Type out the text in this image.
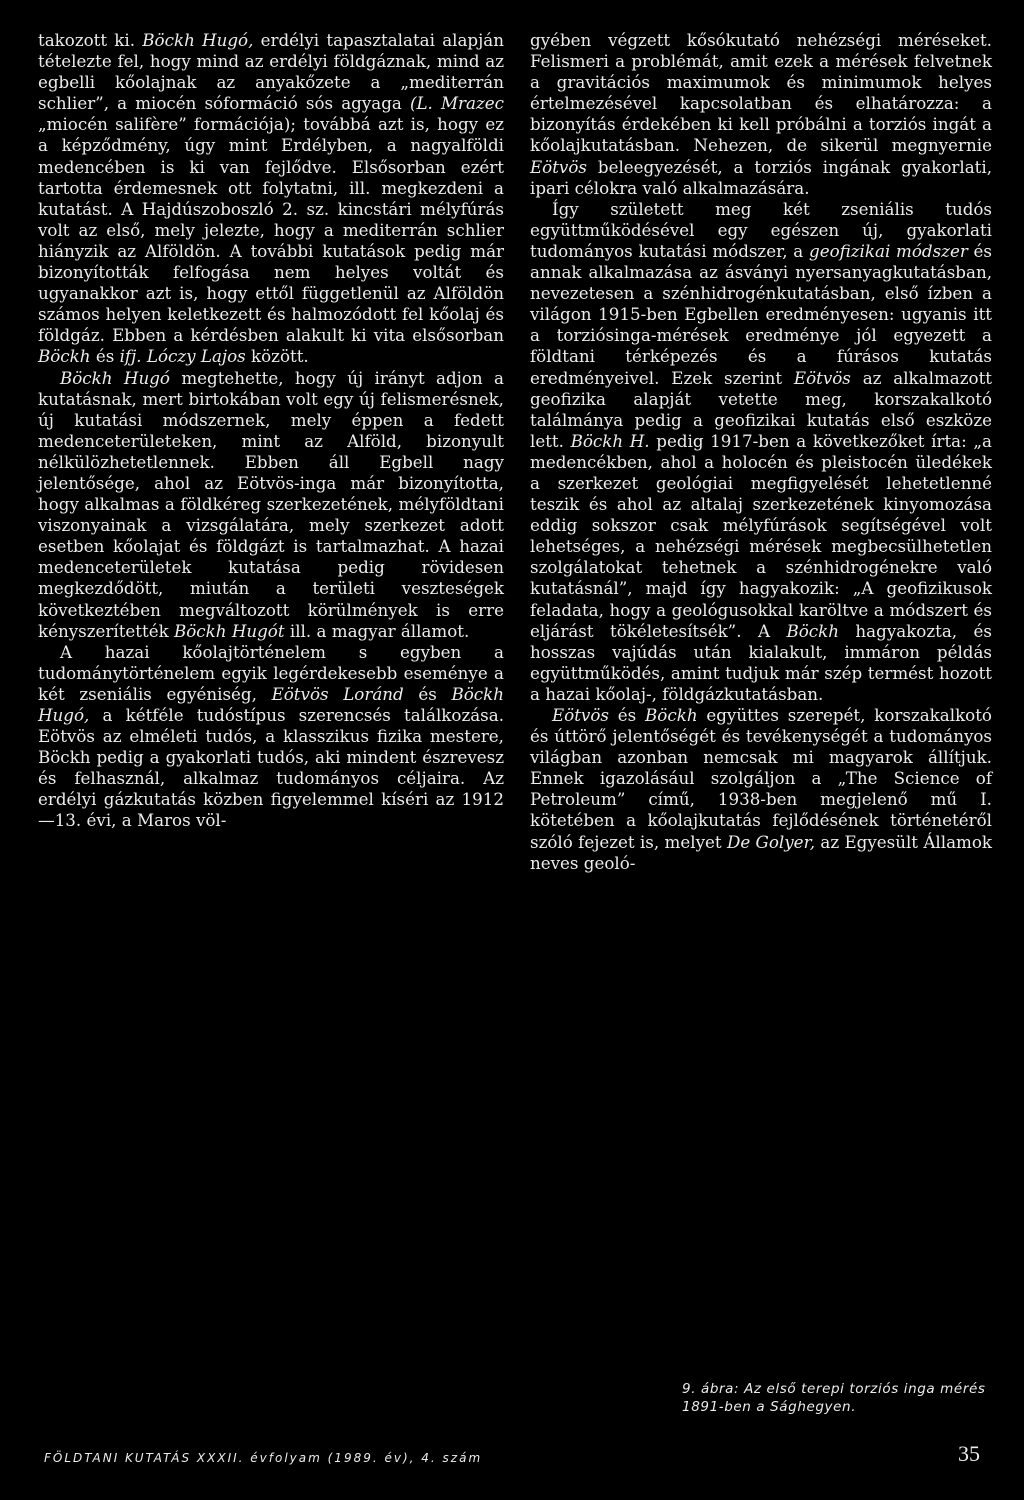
takozott ki. Böckh Hugó, erdélyi tapasztalatai alapján tételezte fel, hogy mind az erdélyi földgáznak, mind az egbelli kőolajnak az anyakőzete a „mediterrán schlier”, a miocén sóformáció sós agyaga (L. Mrazec „miocén salifère” formációja); továbbá azt is, hogy ez a képződmény, úgy mint Erdélyben, a nagyalföldi medencében is ki van fejlődve. Elsősorban ezért tartotta érdemesnek ott folytatni, ill. megkezdeni a kutatást. A Hajdúszoboszló 2. sz. kincstári mélyfúrás volt az első, mely jelezte, hogy a mediterrán schlier hiányzik az Alföldön. A további kutatások pedig már bizonyították felfogása nem helyes voltát és ugyanakkor azt is, hogy ettől függetlenül az Alföldön számos helyen keletkezett és halmozódott fel kőolaj és földgáz. Ebben a kérdésben alakult ki vita elsősorban Böckh és ifj. Lóczy Lajos között.

Böckh Hugó megtehette, hogy új irányt adjon a kutatásnak, mert birtokában volt egy új felismerésnek, új kutatási módszernek, mely éppen a fedett medenceterületeken, mint az Alföld, bizonyult nélkülözhetetlennek. Ebben áll Egbell nagy jelentősége, ahol az Eötvös-inga már bizonyította, hogy alkalmas a földkéreg szerkezetének, mélyföldtani viszonyainak a vizsgálatára, mely szerkezet adott esetben kőolajat és földgázt is tartalmazhat. A hazai medenceterületek kutatása pedig rövidesen megkezdődött, miután a területi veszteségek következtében megváltozott körülmények is erre kényszerítették Böckh Hugót ill. a magyar államot.

A hazai kőolajtörténelem s egyben a tudománytörténelem egyik legérdekesebb eseménye a két zseniális egyéniség, Eötvös Loránd és Böckh Hugó, a kétféle tudóstípus szerencsés találkozása. Eötvös az elméleti tudós, a klasszikus fizika mestere, Böckh pedig a gyakorlati tudós, aki mindent észrevesz és felhasznál, alkalmaz tudományos céljaira. Az erdélyi gázkutatás közben figyelemmel kíséri az 1912—13. évi, a Maros völ-

gyében végzett kősókutató nehézségi méréseket. Felismeri a problémát, amit ezek a mérések felvetnek a gravitációs maximumok és minimumok helyes értelmezésével kapcsolatban és elhatározza: a bizonyítás érdekében ki kell próbálni a torziós ingát a kőolajkutatásban. Nehezen, de sikerül megnyernie Eötvös beleegyezését, a torziós ingának gyakorlati, ipari célokra való alkalmazására.

Így született meg két zseniális tudós együttműködésével egy egészen új, gyakorlati tudományos kutatási módszer, a geofizikai módszer és annak alkalmazása az ásványi nyersanyagkutatásban, nevezetesen a szénhidrogénkutatásban, első ízben a világon 1915-ben Egbellen eredményesen: ugyanis itt a torziósinga-mérések eredménye jól egyezett a földtani térképezés és a fúrásos kutatás eredményeivel. Ezek szerint Eötvös az alkalmazott geofizika alapját vetette meg, korszakalkotó találmánya pedig a geofizikai kutatás első eszköze lett. Böckh H. pedig 1917-ben a következőket írta: „a medencékben, ahol a holocén és pleistocén üledékek a szerkezet geológiai megfigyelését lehetetlenné teszik és ahol az altalaj szerkezetének kinyomozása eddig sokszor csak mélyfúrások segítségével volt lehetséges, a nehézségi mérések megbecsülhetetlen szolgálatokat tehetnek a szénhidrogénekre való kutatásnál”, majd így hagyakozik: „A geofizikusok feladata, hogy a geológusokkal karöltve a módszert és eljárást tökéletesítsék”. A Böckh hagyakozta, és hosszas vajúdás után kialakult, immáron példás együttműködés, amint tudjuk már szép termést hozott a hazai kőolaj-, földgázkutatásban.

Eötvös és Böckh együttes szerepét, korszakalkotó és úttörő jelentőségét és tevékenységét a tudományos világban azonban nemcsak mi magyarok állítjuk. Ennek igazolásául szolgáljon a „The Science of Petroleum” című, 1938-ben megjelenő mű I. kötetében a kőolajkutatás fejlődésének történetéről szóló fejezet is, melyet De Golyer, az Egyesült Államok neves geoló-

9. ábra: Az első terepi torziós inga mérés 1891-ben a Sághegyen.
FÖLDTANI KUTATÁS XXXII. évfolyam (1989. év), 4. szám	35
